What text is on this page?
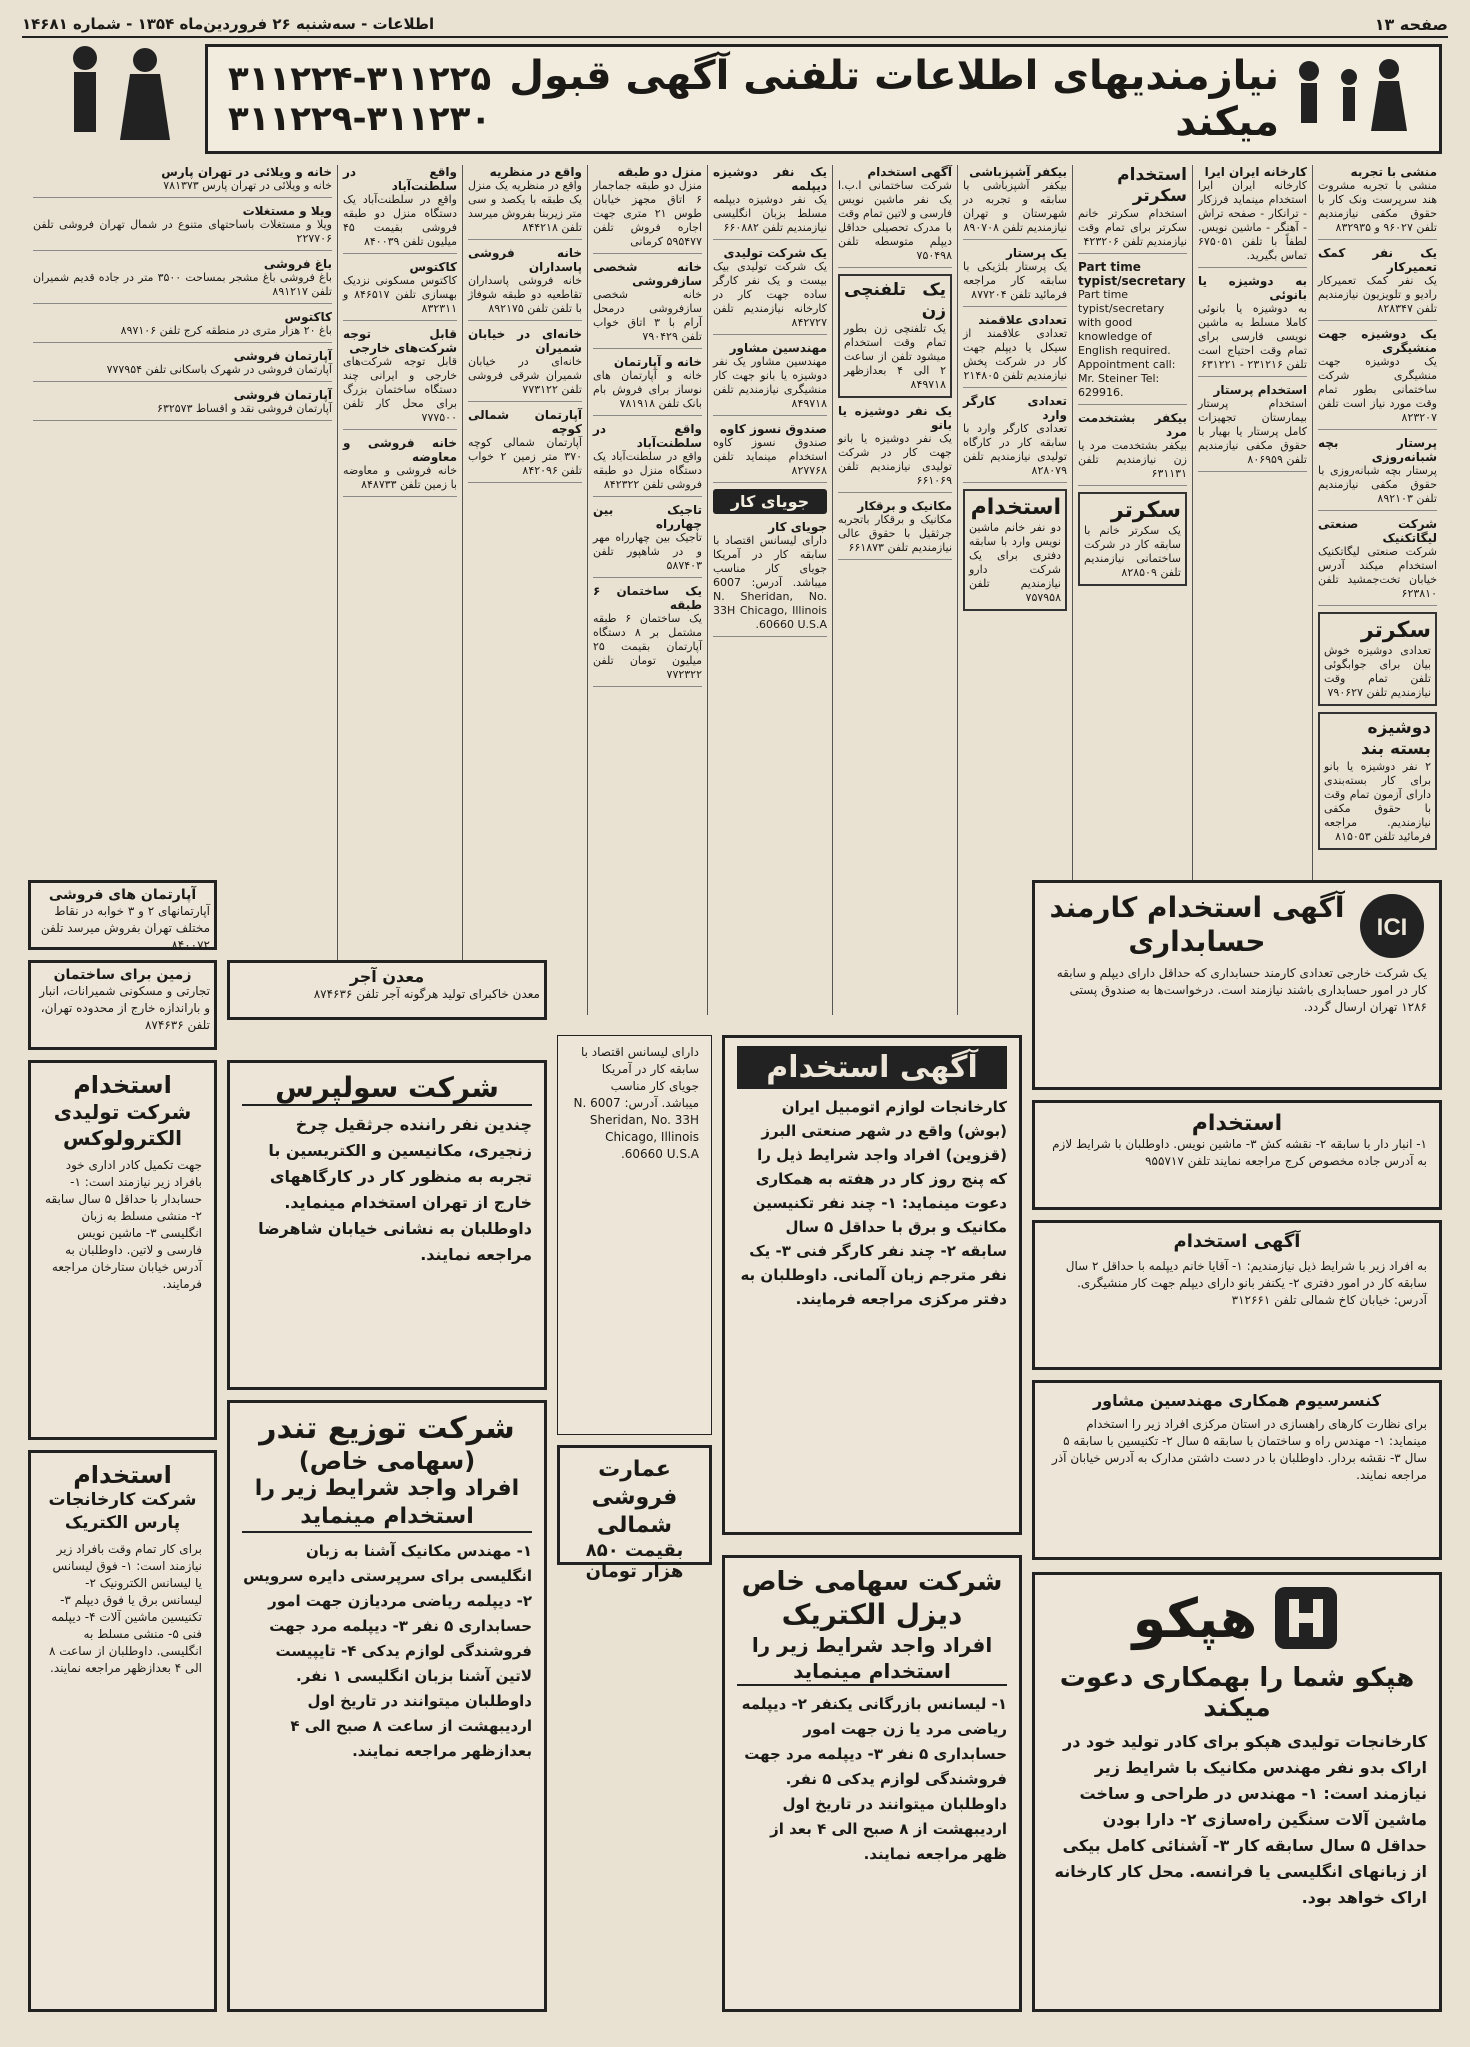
صفحه ۱۳
اطلاعات - سه‌شنبه ۲۶ فروردین‌ماه ۱۳۵۴ - شماره ۱۴۶۸۱
نیازمندیهای اطلاعات تلفنی آگهی قبول میکند
۳۱۱۲۲۴-۳۱۱۲۲۵
۳۱۱۲۲۹-۳۱۱۲۳۰
منشی با تجربه
منشی با تجربه مشروت هند سرپرست ونک کار با حقوق مکفی نیازمندیم تلفن ۹۶۰۲۷ و ۸۳۲۹۳۵
یک نفر کمک تعمیرکار
یک نفر کمک تعمیرکار رادیو و تلویزیون نیازمندیم تلفن ۸۲۸۳۴۷
یک دوشیزه جهت منشیگری
یک دوشیزه جهت منشیگری شرکت ساختمانی بطور تمام وقت مورد نیاز است تلفن ۸۲۳۲۰۷
پرستار بچه شبانه‌روزی
پرستار بچه شبانه‌روزی با حقوق مکفی نیازمندیم تلفن ۸۹۲۱۰۳
شرکت صنعتی لیگاتکنیک
شرکت صنعتی لیگاتکنیک استخدام میکند آدرس خیابان تخت‌جمشید تلفن ۶۲۳۸۱۰
سکرتر
تعدادی دوشیزه خوش بیان برای جوابگوئی تلفن تمام وقت نیازمندیم تلفن ۷۹۰۶۲۷
دوشیزه بسته بند
۲ نفر دوشیزه یا بانو برای کار بسته‌بندی دارای آزمون تمام وقت با حقوق مکفی نیازمندیم. مراجعه فرمائید تلفن ۸۱۵۰۵۳
کارخانه ایران ایرا
کارخانه ایران ایرا استخدام مینماید فرزکار - ترانکار - صفحه تراش - آهنگر - ماشین نویس. لطفاً با تلفن ۶۷۵۰۵۱ تماس بگیرید.
به دوشیزه یا بانوئی
به دوشیزه یا بانوئی کاملا مسلط به ماشین نویسی فارسی برای تمام وقت احتیاج است تلفن ۲۳۱۲۱۶ - ۶۳۱۲۲۱
استخدام پرستار
استخدام پرستار بیمارستان تجهیزات کامل پرستار یا بهیار با حقوق مکفی نیازمندیم تلفن ۸۰۶۹۵۹
استخدام سکرتر
استخدام سکرتر خانم سکرتر برای تمام وقت نیازمندیم تلفن ۴۲۳۲۰۶
Part time typist/secretary
Part time typist/secretary with good knowledge of English required. Appointment call: Mr. Steiner Tel: 629916.
بیکفر بشتخدمت مرد
بیکفر بشتخدمت مرد یا زن نیازمندیم تلفن ۶۳۱۱۳۱
سکرتر
یک سکرتر خانم با سابقه کار در شرکت ساختمانی نیازمندیم تلفن ۸۲۸۵۰۹
بیکفر آشپزباشی
بیکفر آشپزباشی با سابقه و تجربه در شهرستان و تهران نیازمندیم تلفن ۸۹۰۷۰۸
یک پرستار
یک پرستار بلژیکی با سابقه کار مراجعه فرمائید تلفن ۸۷۷۲۰۴
تعدادی علاقمند
تعدادی علاقمند از سیکل یا دیپلم جهت کار در شرکت پخش نیازمندیم تلفن ۲۱۴۸۰۵
تعدادی کارگر وارد
تعدادی کارگر وارد با سابقه کار در کارگاه تولیدی نیازمندیم تلفن ۸۲۸۰۷۹
استخدام
دو نفر خانم ماشین نویس وارد با سابقه دفتری برای یک شرکت دارو نیازمندیم تلفن ۷۵۷۹۵۸
آگهی استخدام
شرکت ساختمانی ا.ب.ا یک نفر ماشین نویس فارسی و لاتین تمام وقت با مدرک تحصیلی حداقل دیپلم متوسطه تلفن ۷۵۰۴۹۸
یک تلفنچی زن
یک تلفنچی زن بطور تمام وقت استخدام میشود تلفن از ساعت ۲ الی ۴ بعدازظهر ۸۴۹۷۱۸
یک نفر دوشیزه یا بانو
یک نفر دوشیزه یا بانو جهت کار در شرکت تولیدی نیازمندیم تلفن ۶۶۱۰۶۹
مکانیک و برقکار
مکانیک و برقکار باتجربه جرثقیل با حقوق عالی نیازمندیم تلفن ۶۶۱۸۷۳
یک نفر دوشیزه دیپلمه
یک نفر دوشیزه دیپلمه مسلط بزبان انگلیسی نیازمندیم تلفن ۶۶۰۸۸۲
یک شرکت تولیدی
یک شرکت تولیدی بیک بیست و یک نفر کارگر ساده جهت کار در کارخانه نیازمندیم تلفن ۸۴۲۷۲۷
مهندسین مشاور
مهندسین مشاور یک نفر دوشیزه یا بانو جهت کار منشیگری نیازمندیم تلفن ۸۴۹۷۱۸
صندوق نسوز کاوه
صندوق نسوز کاوه استخدام مینماید تلفن ۸۲۷۷۶۸
جویای کار
جویای کار
دارای لیسانس اقتصاد با سابقه کار در آمریکا جویای کار مناسب میباشد. آدرس: 6007 N. Sheridan, No. 33H Chicago, Illinois 60660 U.S.A.
منزل دو طبقه
منزل دو طبقه جماجمار ۶ اتاق مجهز خیابان طوس ۲۱ متری جهت اجاره فروش تلفن ۵۹۵۴۷۷ کرمانی
خانه شخصی سازفروشی
خانه شخصی سازفروشی درمحل آرام با ۳ اتاق خواب تلفن ۷۹۰۴۲۹
خانه و آپارتمان
خانه و آپارتمان های نوساز برای فروش بام بانک تلفن ۷۸۱۹۱۸
واقع در سلطنت‌آباد
واقع در سلطنت‌آباد یک دستگاه منزل دو طبقه فروشی تلفن ۸۴۲۳۲۲
تاجیک بین چهارراه
تاجیک بین چهارراه مهر و در شاهپور تلفن ۵۸۷۴۰۳
یک ساختمان ۶ طبقه
یک ساختمان ۶ طبقه مشتمل بر ۸ دستگاه آپارتمان بقیمت ۲۵ میلیون تومان تلفن ۷۷۲۳۲۲
واقع در منظریه
واقع در منظریه یک منزل یک طبقه با یکصد و سی متر زیربنا بفروش میرسد تلفن ۸۴۴۲۱۸
خانه فروشی پاسداران
خانه فروشی پاسداران تقاطعیه دو طبقه شوفاژ با تلفن تلفن ۸۹۲۱۷۵
خانه‌ای در خیابان شمیران
خانه‌ای در خیابان شمیران شرقی فروشی تلفن ۷۷۳۱۲۲
آپارتمان شمالی کوچه
آپارتمان شمالی کوچه ۳۷۰ متر زمین ۲ خواب تلفن ۸۴۲۰۹۶
واقع در سلطنت‌آباد
واقع در سلطنت‌آباد یک دستگاه منزل دو طبقه فروشی بقیمت ۴۵ میلیون تلفن ۸۴۰۰۳۹
کاکتوس
کاکتوس مسکونی نزدیک بهسازی تلفن ۸۴۶۵۱۷ و ۸۳۲۳۱۱
قابل توجه شرکت‌های خارجی
قابل توجه شرکت‌های خارجی و ایرانی چند دستگاه ساختمان بزرگ برای محل کار تلفن ۷۷۷۵۰۰
خانه فروشی و معاوضه
خانه فروشی و معاوضه با زمین تلفن ۸۴۸۷۳۳
خانه و ویلائی در تهران پارس
خانه و ویلائی در تهران پارس ۷۸۱۳۷۳
ویلا و مستغلات
ویلا و مستغلات باساحتهای متنوع در شمال تهران فروشی تلفن ۲۲۷۷۰۶
باغ فروشی
باغ فروشی باغ مشجر بمساحت ۳۵۰۰ متر در جاده قدیم شمیران تلفن ۸۹۱۲۱۷
کاکتوس
باغ ۲۰ هزار متری در منطقه کرج تلفن ۸۹۷۱۰۶
آپارتمان فروشی
آپارتمان فروشی در شهرک باسکانی تلفن ۷۷۷۹۵۴
آپارتمان فروشی
آپارتمان فروشی نقد و اقساط ۶۳۲۵۷۳
ICI
آگهی استخدام کارمند حسابداری
یک شرکت خارجی تعدادی کارمند حسابداری که حداقل دارای دیپلم و سابقه کار در امور حسابداری باشند نیازمند است. درخواست‌ها به صندوق پستی ۱۲۸۶ تهران ارسال گردد.
استخدام
۱- انبار دار با سابقه ۲- نقشه کش ۳- ماشین نویس. داوطلبان با شرایط لازم به آدرس جاده مخصوص کرج مراجعه نمایند تلفن ۹۵۵۷۱۷
آگهی استخدام
به افراد زیر با شرایط ذیل نیازمندیم: ۱- آقایا خانم دیپلمه با حداقل ۲ سال سابقه کار در امور دفتری ۲- یکنفر بانو دارای دیپلم جهت کار منشیگری. آدرس: خیابان کاخ شمالی تلفن ۳۱۲۶۶۱
کنسرسیوم همکاری مهندسین مشاور
برای نظارت کارهای راهسازی در استان مرکزی افراد زیر را استخدام مینماید: ۱- مهندس راه و ساختمان با سابقه ۵ سال ۲- تکنیسین با سابقه ۵ سال ۳- نقشه بردار. داوطلبان با در دست داشتن مدارک به آدرس خیابان آذر مراجعه نمایند.
هپکو
هپکو شما را بهمکاری دعوت میکند
کارخانجات تولیدی هپکو برای کادر تولید خود در اراک بدو نفر مهندس مکانیک با شرایط زیر نیازمند است: ۱- مهندس در طراحی و ساخت ماشین آلات سنگین راه‌سازی ۲- دارا بودن حداقل ۵ سال سابقه کار ۳- آشنائی کامل بیکی از زبانهای انگلیسی یا فرانسه. محل کار کارخانه اراک خواهد بود.
آگهی استخدام
کارخانجات لوازم اتومبیل ایران (بوش) واقع در شهر صنعتی البرز (قزوین) افراد واجد شرایط ذیل را که پنج روز کار در هفته به همکاری دعوت مینماید: ۱- چند نفر تکنیسین مکانیک و برق با حداقل ۵ سال سابقه ۲- چند نفر کارگر فنی ۳- یک نفر مترجم زبان آلمانی. داوطلبان به دفتر مرکزی مراجعه فرمایند.
شرکت سهامی خاص
دیزل الکتریک
افراد واجد شرایط زیر را استخدام مینماید
۱- لیسانس بازرگانی یکنفر ۲- دیپلمه ریاضی مرد یا زن جهت امور حسابداری ۵ نفر ۳- دیپلمه مرد جهت فروشندگی لوازم یدکی ۵ نفر. داوطلبان میتوانند در تاریخ اول اردیبهشت از ۸ صبح الی ۴ بعد از ظهر مراجعه نمایند.
دارای لیسانس اقتصاد با سابقه کار در آمریکا جویای کار مناسب میباشد. آدرس: 6007 N. Sheridan, No. 33H Chicago, Illinois 60660 U.S.A.
عمارت فروشی شمالی
بقیمت ۸۵۰ هزار تومان
شرکت سولپرس
چندین نفر راننده جرثقیل چرخ زنجیری، مکانیسین و الکتریسین با تجربه به منظور کار در کارگاههای خارج از تهران استخدام مینماید. داوطلبان به نشانی خیابان شاهرضا مراجعه نمایند.
شرکت توزیع تندر
(سهامی خاص)
افراد واجد شرایط زیر را استخدام مینماید
۱- مهندس مکانیک آشنا به زبان انگلیسی برای سرپرستی دایره سرویس ۲- دیپلمه ریاضی مردیازن جهت امور حسابداری ۵ نفر ۳- دیپلمه مرد جهت فروشندگی لوازم یدکی ۴- تایپیست لاتین آشنا بزبان انگلیسی ۱ نفر. داوطلبان میتوانند در تاریخ اول اردیبهشت از ساعت ۸ صبح الی ۴ بعدازظهر مراجعه نمایند.
آپارتمان های فروشی
آپارتمانهای ۲ و ۳ خوابه در نقاط مختلف تهران بفروش میرسد تلفن ۸۴۰۰۷۲
معدن آجر
معدن خاکبرای تولید هرگونه آجر تلفن ۸۷۴۶۳۶
زمین برای ساختمان
تجارتی و مسکونی شمیرانات، انبار و باراندازه خارج از محدوده تهران، تلفن ۸۷۴۶۳۶
استخدام
شرکت تولیدی الکترولوکس
جهت تکمیل کادر اداری خود بافراد زیر نیازمند است: ۱- حسابدار با حداقل ۵ سال سابقه ۲- منشی مسلط به زبان انگلیسی ۳- ماشین نویس فارسی و لاتین. داوطلبان به آدرس خیابان ستارخان مراجعه فرمایند.
استخدام
شرکت کارخانجات پارس الکتریک
برای کار تمام وقت بافراد زیر نیازمند است: ۱- فوق لیسانس یا لیسانس الکترونیک ۲- لیسانس برق یا فوق دیپلم ۳- تکنیسین ماشین آلات ۴- دیپلمه فنی ۵- منشی مسلط به انگلیسی. داوطلبان از ساعت ۸ الی ۴ بعدازظهر مراجعه نمایند.
